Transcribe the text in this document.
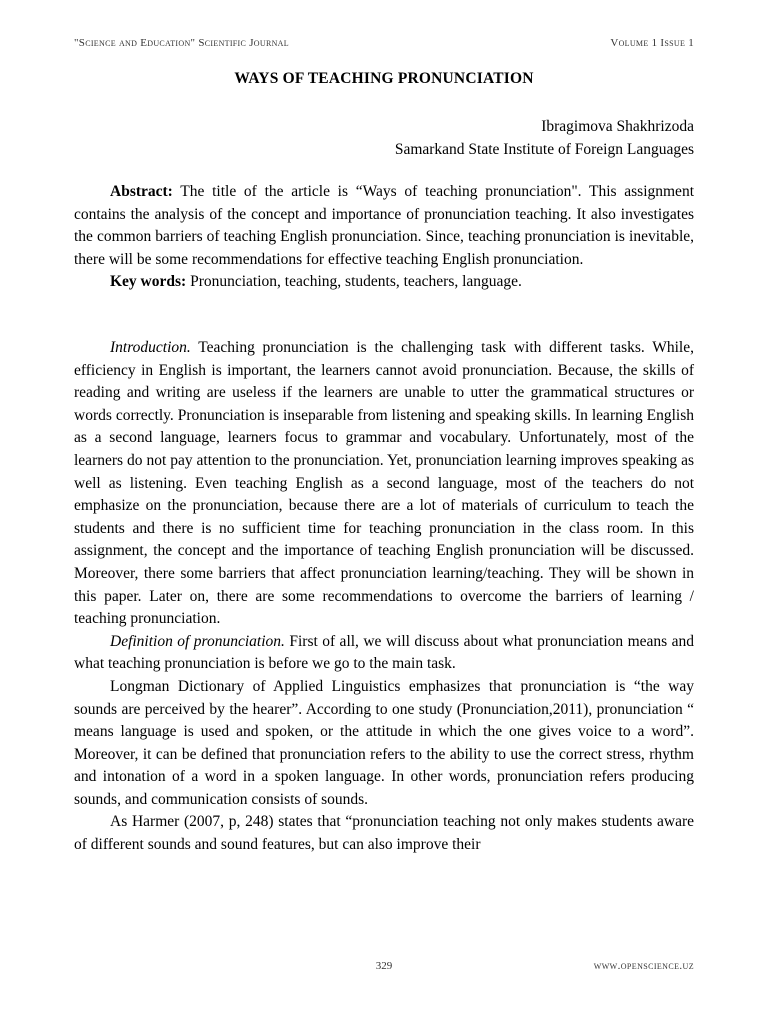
"Science and Education" Scientific Journal	Volume 1 Issue 1
WAYS OF TEACHING PRONUNCIATION
Ibragimova Shakhrizoda
Samarkand State Institute of Foreign Languages

Abstract: The title of the article is “Ways of teaching pronunciation". This assignment contains the analysis of the concept and importance of pronunciation teaching. It also investigates the common barriers of teaching English pronunciation. Since, teaching pronunciation is inevitable, there will be some recommendations for effective teaching English pronunciation.

Key words: Pronunciation, teaching, students, teachers, language.

Introduction. Teaching pronunciation is the challenging task with different tasks. While, efficiency in English is important, the learners cannot avoid pronunciation. Because, the skills of reading and writing are useless if the learners are unable to utter the grammatical structures or words correctly. Pronunciation is inseparable from listening and speaking skills. In learning English as a second language, learners focus to grammar and vocabulary. Unfortunately, most of the learners do not pay attention to the pronunciation. Yet, pronunciation learning improves speaking as well as listening. Even teaching English as a second language, most of the teachers do not emphasize on the pronunciation, because there are a lot of materials of curriculum to teach the students and there is no sufficient time for teaching pronunciation in the class room. In this assignment, the concept and the importance of teaching English pronunciation will be discussed. Moreover, there some barriers that affect pronunciation learning/teaching. They will be shown in this paper. Later on, there are some recommendations to overcome the barriers of learning / teaching pronunciation.

Definition of pronunciation. First of all, we will discuss about what pronunciation means and what teaching pronunciation is before we go to the main task.

Longman Dictionary of Applied Linguistics emphasizes that pronunciation is “the way sounds are perceived by the hearer”. According to one study (Pronunciation,2011), pronunciation “ means language is used and spoken, or the attitude in which the one gives voice to a word”. Moreover, it can be defined that pronunciation refers to the ability to use the correct stress, rhythm and intonation of a word in a spoken language. In other words, pronunciation refers producing sounds, and communication consists of sounds.

As Harmer (2007, p, 248) states that “pronunciation teaching not only makes students aware of different sounds and sound features, but can also improve their

329	www.openscience.uz
